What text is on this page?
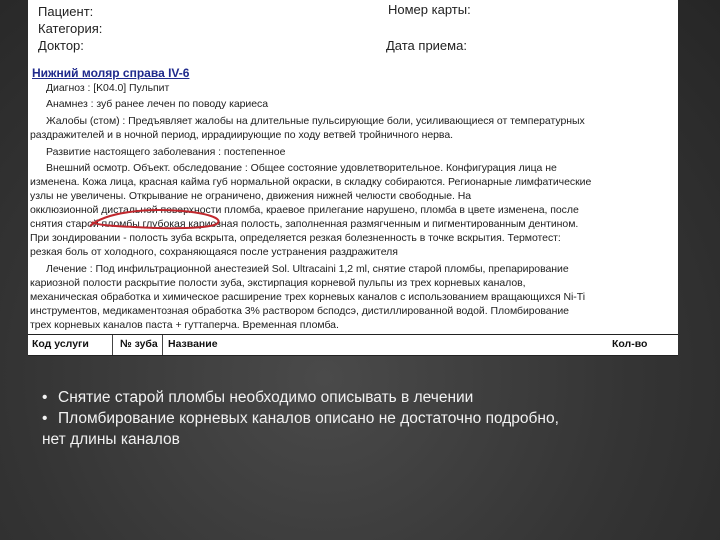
Пациент:
Категория:
Доктор:
Номер карты:
Дата приема:
Нижний моляр справа IV-6
Диагноз : [K04.0] Пульпит
Анамнез : зуб ранее лечен по поводу кариеса
Жалобы (стом) : Предъявляет жалобы на длительные пульсирующие боли, усиливающиеся от температурных
раздражителей и в ночной период, иррадиирующие по ходу ветвей тройничного нерва.
Развитие настоящего заболевания : постепенное
Внешний осмотр. Объект. обследование : Общее состояние удовлетворительное. Конфигурация лица не
изменена. Кожа лица, красная кайма губ нормальной окраски, в складку собираются. Регионарные лимфатические
узлы не увеличены. Открывание не ограничено, движения нижней челюсти свободные. На
окклюзионной дистальной поверхности пломба, краевое прилегание нарушено, пломба в цвете изменена, после
снятия старой пломбы глубокая кариозная полость, заполненная размягченным и пигментированным дентином.
При зондировании - полость зуба вскрыта, определяется резкая болезненность в точке вскрытия. Термотест:
резкая боль от холодного, сохраняющаяся после устранения раздражителя
Лечение : Под инфильтрационной анестезией Sol. Ultracaini 1,2 ml, снятие старой пломбы, препарирование
кариозной полости раскрытие полости зуба, экстирпация корневой пульпы из трех корневых каналов,
механическая обработка и химическое расширение трех корневых каналов с использованием вращающихся Ni-Ti
инструментов, медикаментозная обработка 3% раствором бсподсэ, дистиллированной водой. Пломбирование
трех корневых каналов паста + гуттаперча. Временная пломба.
Код услуги	№ зуба Название	Кол-во
• Снятие старой пломбы необходимо описывать в лечении
• Пломбирование корневых каналов описано не достаточно подробно,
нет длины каналов
